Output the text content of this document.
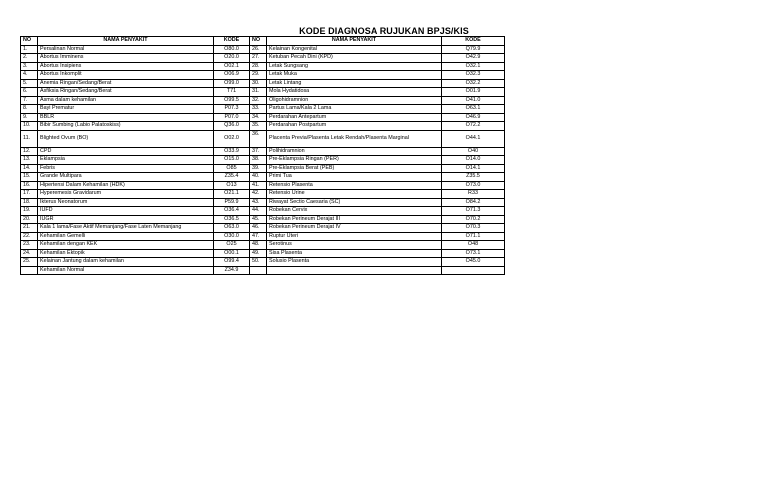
KODE DIAGNOSA RUJUKAN BPJS/KIS
NO	NAMA PENYAKIT	KODE	NO	NAMA PENYAKIT	KODE
1.	Persalinan Normal	O80.0	26.	Kelainan Kongenital	Q79.9
2.	Abortus Imminens	O20.0	27.	Ketuban Pecah Dini (KPD)	O42.9
3.	Abortus Insipiens	O02.1	28.	Letak Sungsang	O32.1
4.	Abortus Inkomplit	O06.9	29.	Letak Muka	O32.3
5.	Anemia Ringan/Sedang/Berat	O99.0	30.	Letak Lintang	O32.2
6.	Asfiksia Ringan/Sedang/Berat	T71	31.	Mola Hydatidosa	O01.9
7.	Asma dalam kehamilan	O99.5	32.	Oligohidramnion	O41.0
8.	Bayi Prematur	P07.3	33.	Partus Lama/Kala 2 Lama	O63.1
9.	BBLR	P07.0	34.	Perdarahan Antepartum	O46.9
10.	Bibir Sumbing (Labio Palatoskiss)	Q36.0	35.	Perdarahan Postpartum	O72.2
11.	Blighted Ovum (BO)	O02.0	36.	Placenta Previa/Plasenta Letak Rendah/Plasenta Marginal	O44.1
12.	CPD	O33.9	37.	Polihidramnion	O40
13.	Eklampsia	O15.0	38.	Pre-Eklampsia Ringan (PER)	O14.0
14.	Febris	O85	39.	Pre-Eklampsia Berat (PEB)	O14.1
15.	Grande Multipara	Z35.4	40.	Primi Tua	Z35.5
16.	Hipertensi Dalam Kehamilan (HDK)	O13	41.	Retensio Plasenta	O73.0
17.	Hyperemesis Gravidarum	O21.1	42.	Retensio Urine	R33
18.	Ikterus Neonatorum	P59.9	43.	Riwayat Sectio Caesaria (SC)	O84.2
19.	IUFD	O36.4	44.	Robekan Cervix	O71.3
20.	IUGR	O36.5	45.	Robekan Perineum Derajat III	O70.2
21.	Kala 1 lama/Fase Aktif Memanjang/Fase Laten Memanjang	O63.0	46.	Robekan Perineum Derajat IV	O70.3
22.	Kehamilan Gemelli	O30.0	47.	Ruptur Uteri	O71.1
23.	Kehamilan dengan KEK	O25	48.	Serotinus	O48
24.	Kehamilan Ektopik	O00.1	49.	Sisa Plasenta	O73.1
25.	Kelainan Jantung dalam kehamilan	O99.4	50.	Solusio Plasenta	O45.0
	Kehamilan Normal	Z34.9			
